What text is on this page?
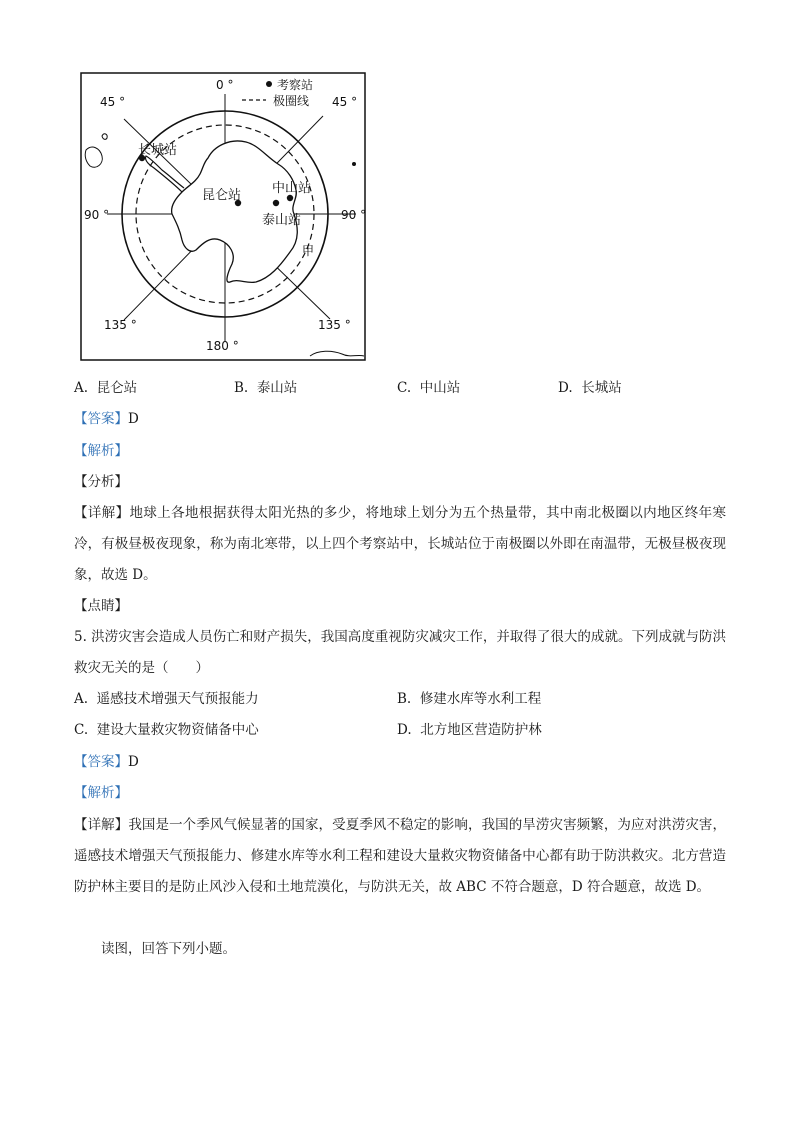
0 °	考察站
极圈线
45 °	45 °
90 °	90 °
135 °	135 °
180 °
长城站
昆仑站 中山站
泰山站
甲
A. 昆仑站	B. 泰山站	C. 中山站	D. 长城站
【答案】D
【解析】
【分析】
【详解】地球上各地根据获得太阳光热的多少，将地球上划分为五个热量带，其中南北极圈以内地区终年寒冷，有极昼极夜现象，称为南北寒带，以上四个考察站中，长城站位于南极圈以外即在南温带，无极昼极夜现象，故选 D。
【点睛】
5. 洪涝灾害会造成人员伤亡和财产损失，我国高度重视防灾减灾工作，并取得了很大的成就。下列成就与防洪救灾无关的是（　　）
A. 遥感技术增强天气预报能力	B. 修建水库等水利工程
C. 建设大量救灾物资储备中心	D. 北方地区营造防护林
【答案】D
【解析】
【详解】我国是一个季风气候显著的国家，受夏季风不稳定的影响，我国的旱涝灾害频繁，为应对洪涝灾害，遥感技术增强天气预报能力、修建水库等水利工程和建设大量救灾物资储备中心都有助于防洪救灾。北方营造防护林主要目的是防止风沙入侵和土地荒漠化，与防洪无关，故 ABC 不符合题意，D 符合题意，故选 D。
读图，回答下列小题。
